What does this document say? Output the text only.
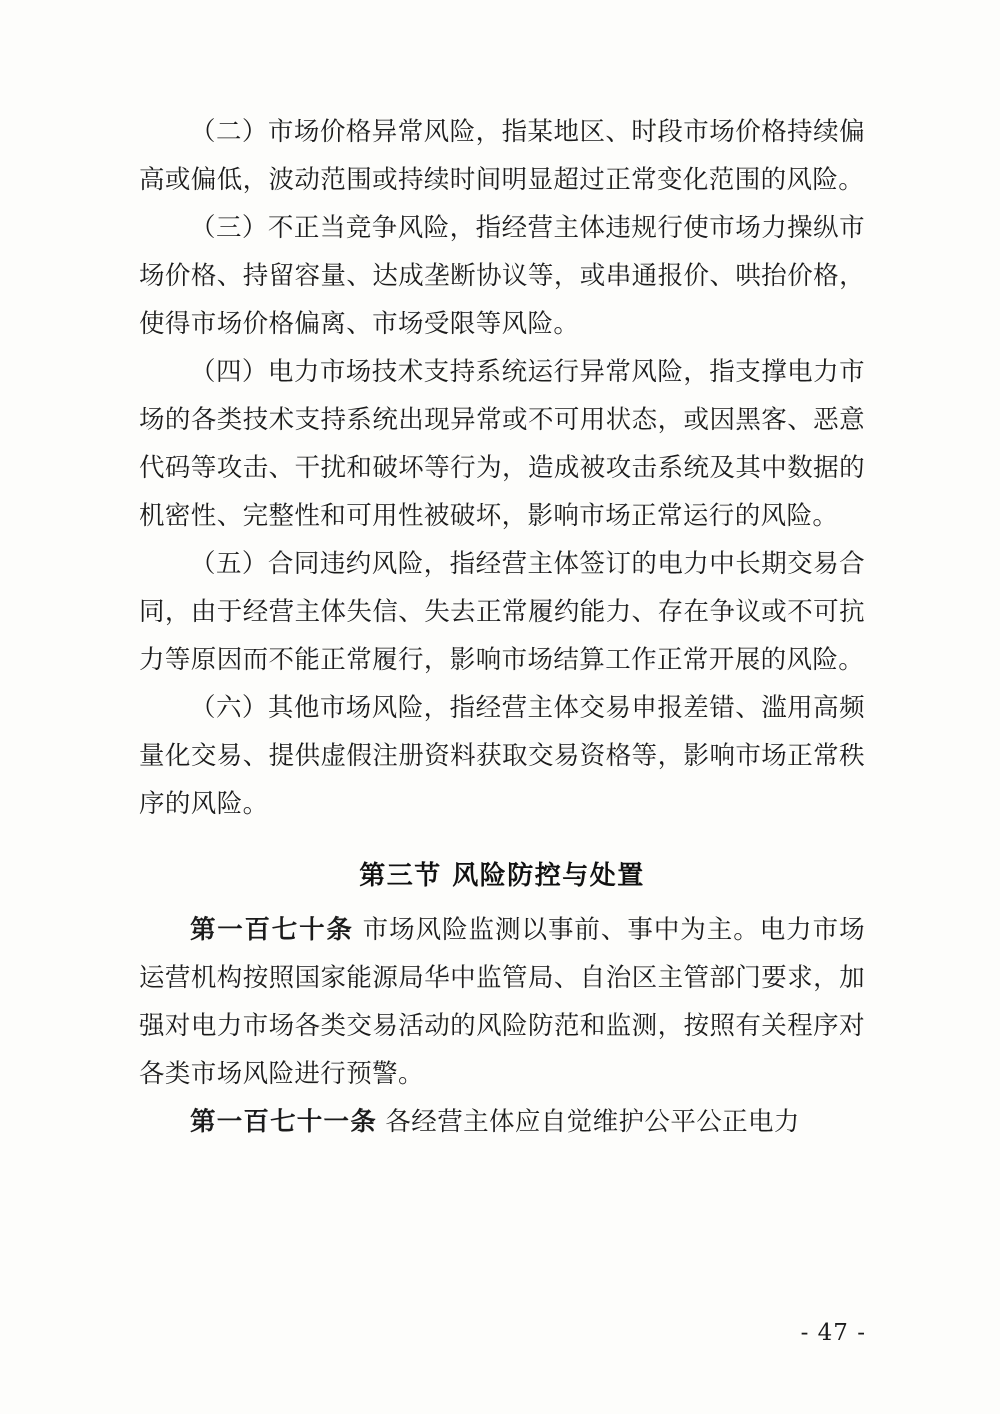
（二）市场价格异常风险，指某地区、时段市场价格持续偏高或偏低，波动范围或持续时间明显超过正常变化范围的风险。

（三）不正当竞争风险，指经营主体违规行使市场力操纵市场价格、持留容量、达成垄断协议等，或串通报价、哄抬价格，使得市场价格偏离、市场受限等风险。

（四）电力市场技术支持系统运行异常风险，指支撑电力市场的各类技术支持系统出现异常或不可用状态，或因黑客、恶意代码等攻击、干扰和破坏等行为，造成被攻击系统及其中数据的机密性、完整性和可用性被破坏，影响市场正常运行的风险。

（五）合同违约风险，指经营主体签订的电力中长期交易合同，由于经营主体失信、失去正常履约能力、存在争议或不可抗力等原因而不能正常履行，影响市场结算工作正常开展的风险。

（六）其他市场风险，指经营主体交易申报差错、滥用高频量化交易、提供虚假注册资料获取交易资格等，影响市场正常秩序的风险。

第三节 风险防控与处置

第一百七十条 市场风险监测以事前、事中为主。电力市场运营机构按照国家能源局华中监管局、自治区主管部门要求，加强对电力市场各类交易活动的风险防范和监测，按照有关程序对各类市场风险进行预警。

第一百七十一条 各经营主体应自觉维护公平公正电力

- 47 -
